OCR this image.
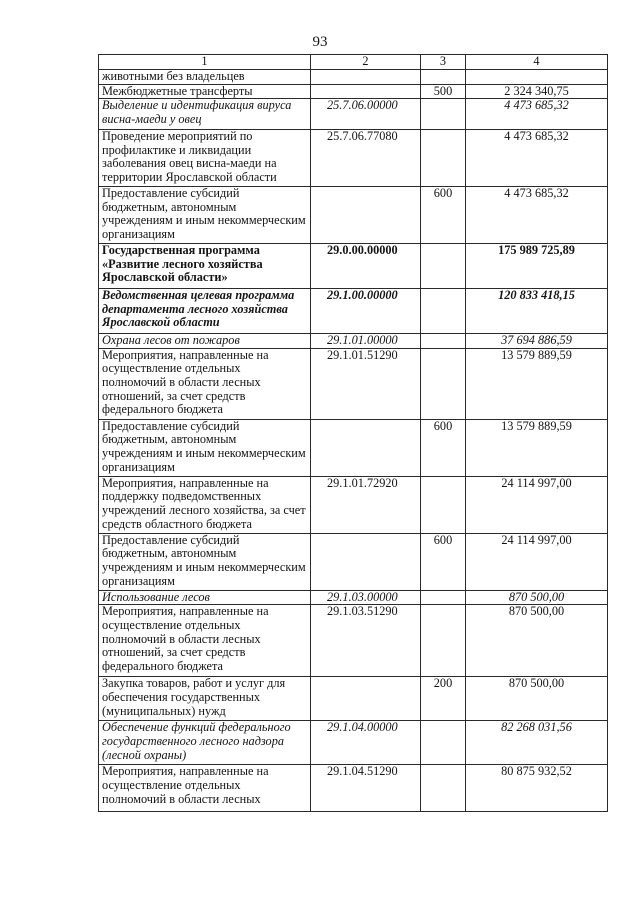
93
1	2	3	4
животными без владельцев			
Межбюджетные трансферты		500	2 324 340,75
Выделение и идентификация вируса висна-маеди у овец	25.7.06.00000		4 473 685,32
Проведение мероприятий по профилактике и ликвидации заболевания овец висна-маеди на территории Ярославской области	25.7.06.77080		4 473 685,32
Предоставление субсидий бюджетным, автономным учреждениям и иным некоммерческим организациям		600	4 473 685,32
Государственная программа «Развитие лесного хозяйства Ярославской области»	29.0.00.00000		175 989 725,89
Ведомственная целевая программа департамента лесного хозяйства Ярославской области	29.1.00.00000		120 833 418,15
Охрана лесов от пожаров	29.1.01.00000		37 694 886,59
Мероприятия, направленные на осуществление отдельных полномочий в области лесных отношений, за счет средств федерального бюджета	29.1.01.51290		13 579 889,59
Предоставление субсидий бюджетным, автономным учреждениям и иным некоммерческим организациям		600	13 579 889,59
Мероприятия, направленные на поддержку подведомственных учреждений лесного хозяйства, за счет средств областного бюджета	29.1.01.72920		24 114 997,00
Предоставление субсидий бюджетным, автономным учреждениям и иным некоммерческим организациям		600	24 114 997,00
Использование лесов	29.1.03.00000		870 500,00
Мероприятия, направленные на осуществление отдельных полномочий в области лесных отношений, за счет средств федерального бюджета	29.1.03.51290		870 500,00
Закупка товаров, работ и услуг для обеспечения государственных (муниципальных) нужд		200	870 500,00
Обеспечение функций федерального государственного лесного надзора (лесной охраны)	29.1.04.00000		82 268 031,56
Мероприятия, направленные на осуществление отдельных полномочий в области лесных	29.1.04.51290		80 875 932,52
